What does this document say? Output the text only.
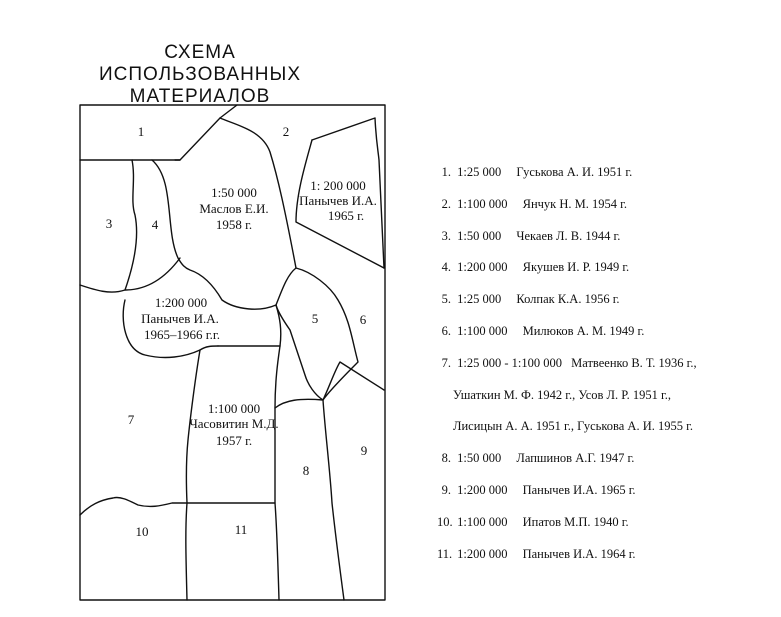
СХЕМА
ИСПОЛЬЗОВАННЫХ МАТЕРИАЛОВ
1	2
3	4
5	6
7
8
9
10	11
1:50 000
Маслов Е.И.
1958 г.
1: 200 000
Панычев И.А.
1965 г.
1:200 000
Панычев И.А.
1965–1966 г.г.
1:100 000
Часовитин М.Д.
1957 г.
1. 1:25 000 Гуськова А. И. 1951 г.
2. 1:100 000 Янчук Н. М. 1954 г.
3. 1:50 000 Чекаев Л. В. 1944 г.
4. 1:200 000 Якушев И. Р. 1949 г.
5. 1:25 000 Колпак К.А. 1956 г.
6. 1:100 000 Милюков А. М. 1949 г.
7. 1:25 000 - 1:100 000 Матвеенко В. Т. 1936 г.,
Ушаткин М. Ф. 1942 г., Усов Л. Р. 1951 г.,
Лисицын А. А. 1951 г., Гуськова А. И. 1955 г.
8. 1:50 000 Лапшинов А.Г. 1947 г.
9. 1:200 000 Панычев И.А. 1965 г.
10. 1:100 000 Ипатов М.П. 1940 г.
11. 1:200 000 Панычев И.А. 1964 г.
